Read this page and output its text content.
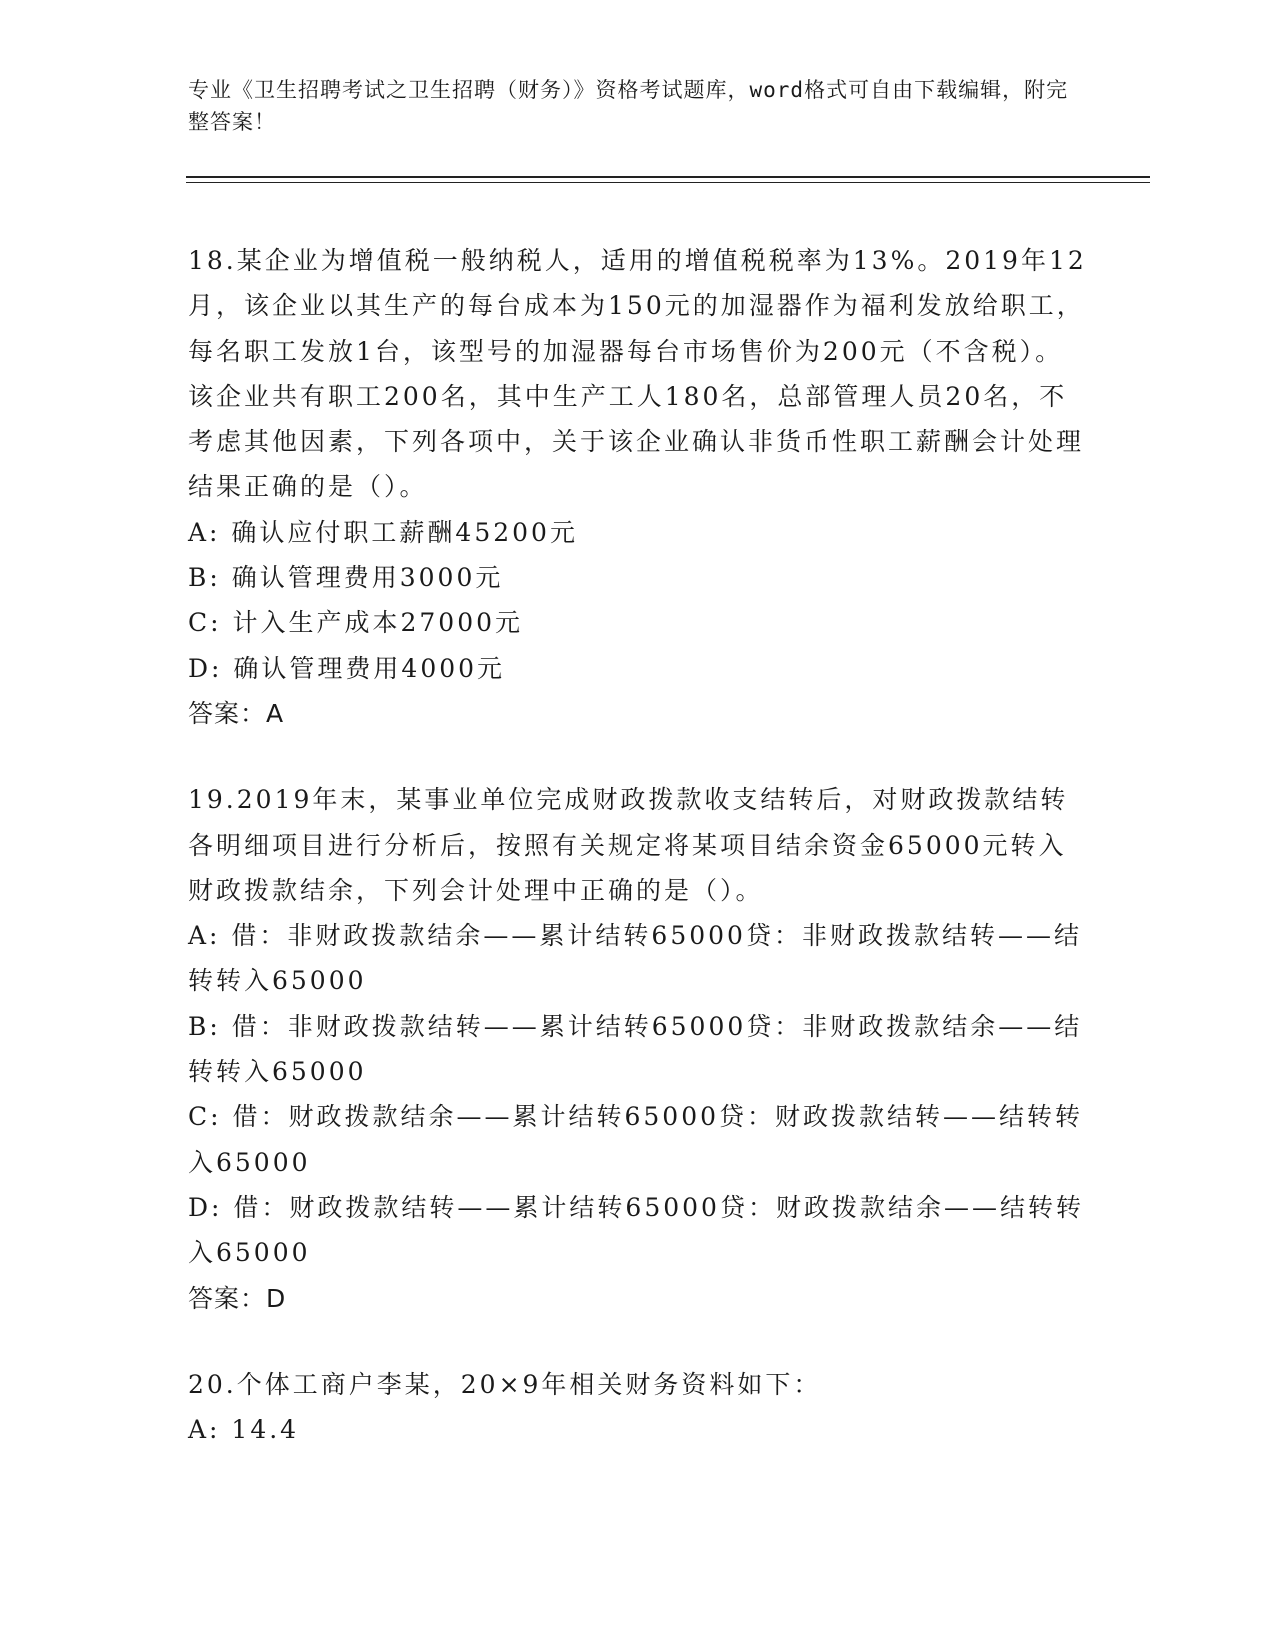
专业《卫生招聘考试之卫生招聘（财务）》资格考试题库，word格式可自由下载编辑，附完整答案！

18.某企业为增值税一般纳税人，适用的增值税税率为13%。2019年12月，该企业以其生产的每台成本为150元的加湿器作为福利发放给职工，每名职工发放1台，该型号的加湿器每台市场售价为200元（不含税）。该企业共有职工200名，其中生产工人180名，总部管理人员20名，不考虑其他因素，下列各项中，关于该企业确认非货币性职工薪酬会计处理结果正确的是（）。

A: 确认应付职工薪酬45200元

B: 确认管理费用3000元

C: 计入生产成本27000元

D: 确认管理费用4000元

答案：A

19.2019年末，某事业单位完成财政拨款收支结转后，对财政拨款结转各明细项目进行分析后，按照有关规定将某项目结余资金65000元转入财政拨款结余，下列会计处理中正确的是（）。

A: 借：非财政拨款结余——累计结转65000贷：非财政拨款结转——结转转入65000

B: 借：非财政拨款结转——累计结转65000贷：非财政拨款结余——结转转入65000

C: 借：财政拨款结余——累计结转65000贷：财政拨款结转——结转转入65000

D: 借：财政拨款结转——累计结转65000贷：财政拨款结余——结转转入65000

答案：D

20.个体工商户李某，20×9年相关财务资料如下：

A: 14.4
